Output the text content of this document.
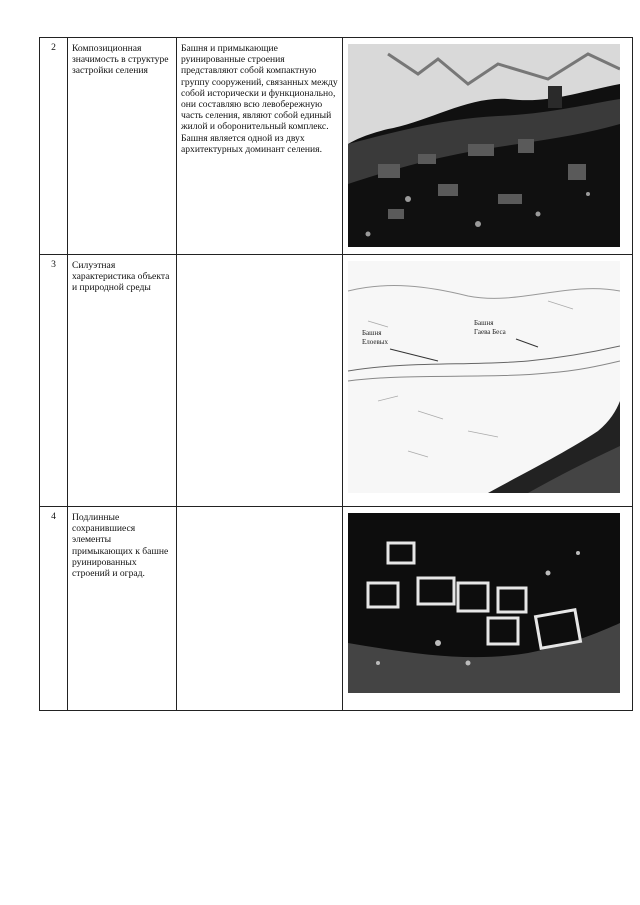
2	Композиционная значимость в структуре застройки селения	Башня и примыкающие руинированные строения представляют собой компактную группу сооружений, связанных между собой исторически и функционально, они составляю всю левобережную часть селения, являют собой единый жилой и оборонительный комплекс. Башня является одной из двух архитектурных доминант селения.	

3	Силуэтная характеристика объекта и природной среды		Башня
Елоевых
Башня
Гаева Беса

4	Подлинные сохранившиеся элементы примыкающих к башне руинированных строений и оград.		
